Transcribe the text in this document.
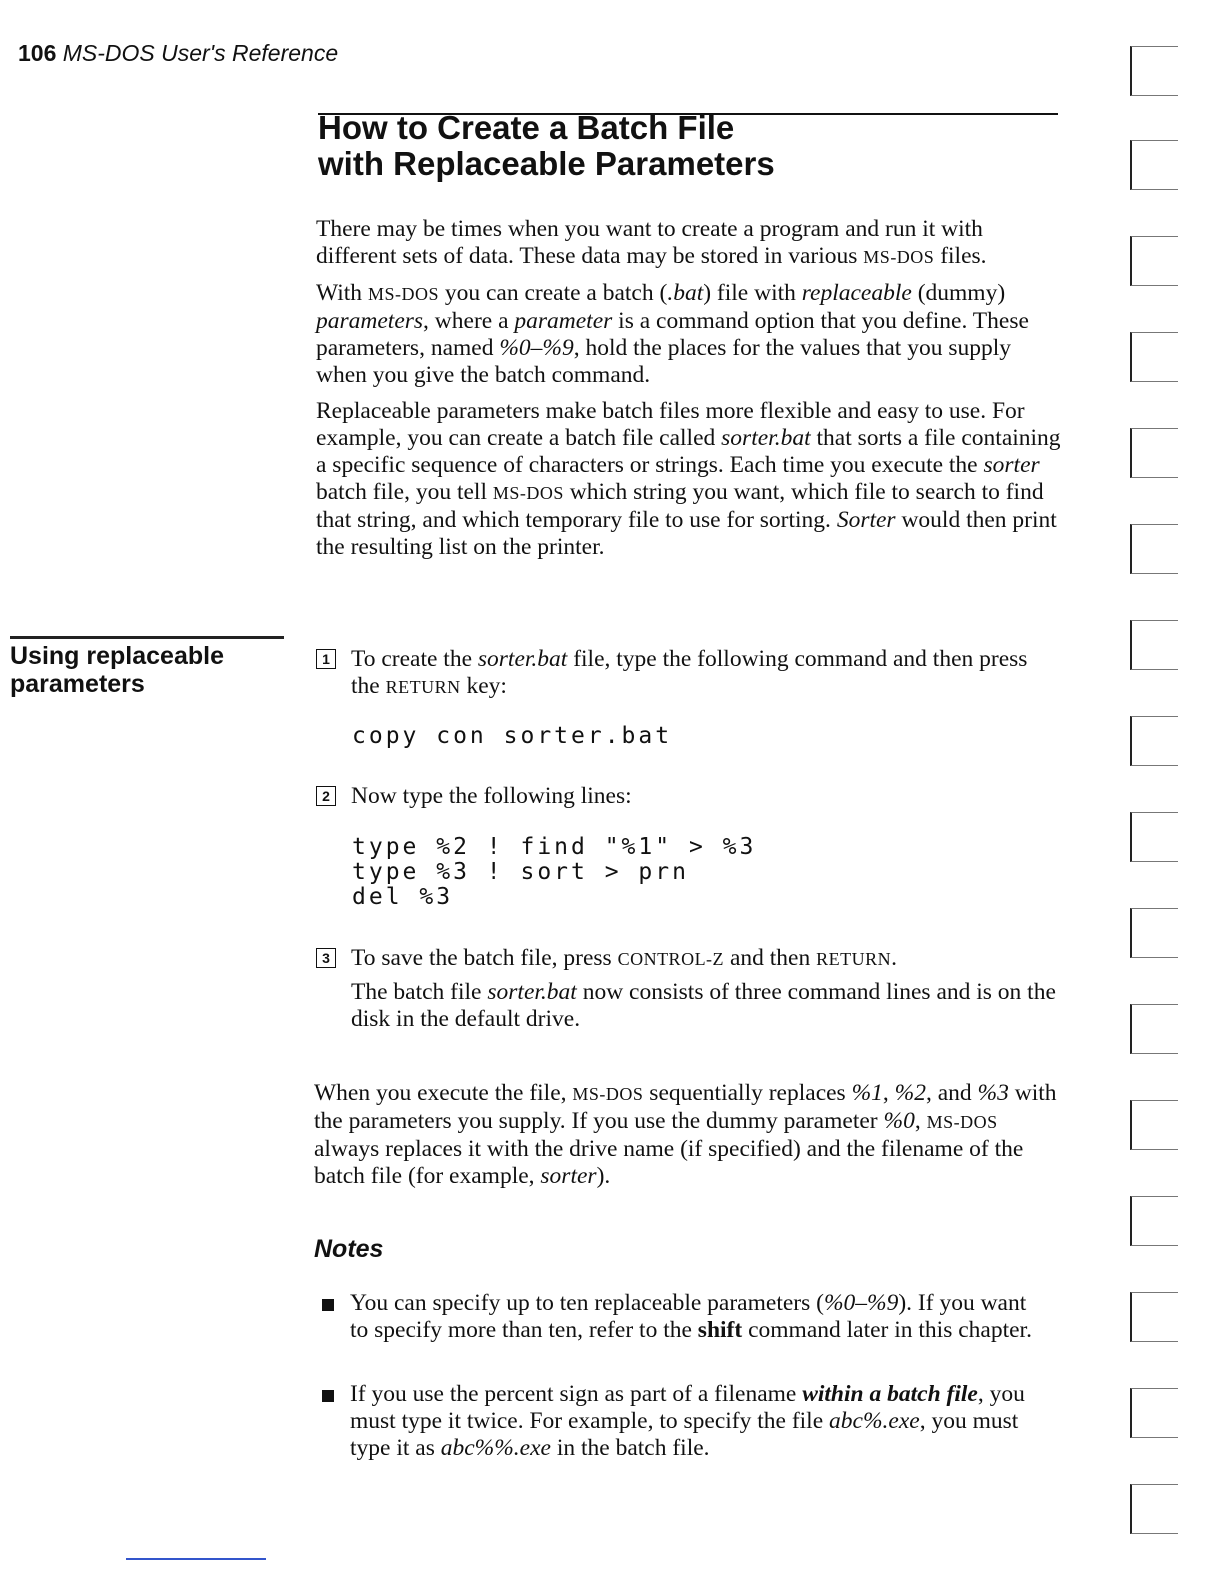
106 MS-DOS User's Reference
How to Create a Batch File
with Replaceable Parameters

There may be times when you want to create a program and run it with different sets of data. These data may be stored in various MS-DOS files.

With MS-DOS you can create a batch (.bat) file with replaceable (dummy) parameters, where a parameter is a command option that you define. These parameters, named %0–%9, hold the places for the values that you supply when you give the batch command.

Replaceable parameters make batch files more flexible and easy to use. For example, you can create a batch file called sorter.bat that sorts a file containing a specific sequence of characters or strings. Each time you execute the sorter batch file, you tell MS-DOS which string you want, which file to search to find that string, and which temporary file to use for sorting. Sorter would then print the resulting list on the printer.

Using replaceable
parameters
1 To create the sorter.bat file, type the following command and then press the RETURN key:
copy con sorter.bat
2 Now type the following lines:
type %2 ! find "%1" > %3
type %3 ! sort > prn
del %3
3 To save the batch file, press CONTROL-Z and then RETURN.
The batch file sorter.bat now consists of three command lines and is on the disk in the default drive.

When you execute the file, MS-DOS sequentially replaces %1, %2, and %3 with the parameters you supply. If you use the dummy parameter %0, MS-DOS always replaces it with the drive name (if specified) and the filename of the batch file (for example, sorter).

Notes
You can specify up to ten replaceable parameters (%0–%9). If you want to specify more than ten, refer to the shift command later in this chapter.
If you use the percent sign as part of a filename within a batch file, you must type it twice. For example, to specify the file abc%.exe, you must type it as abc%%.exe in the batch file.
